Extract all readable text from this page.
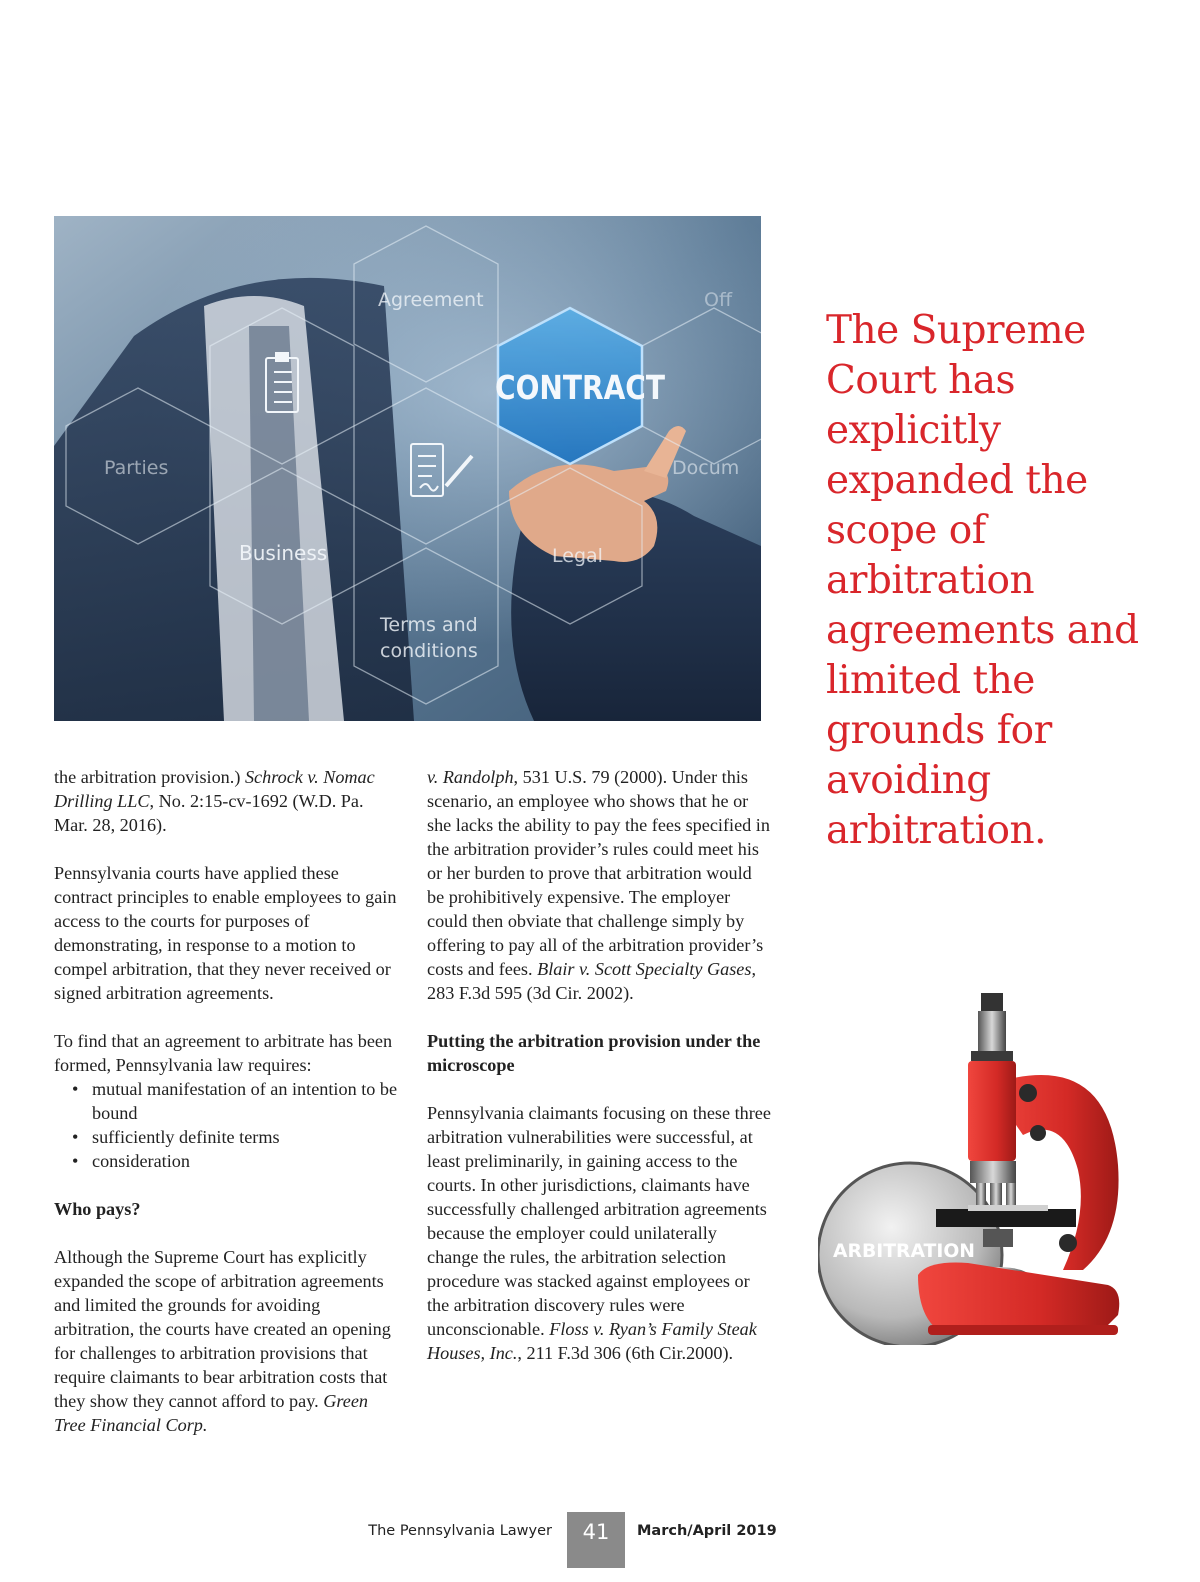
Agreement	Off
CONTRACT
Parties	Docum
Business	Legal
Terms and
conditions
The Supreme Court has explicitly expanded the scope of arbitration agreements and limited the grounds for avoiding arbitration.

the arbitration provision.) Schrock v. Nomac Drilling LLC, No. 2:15-cv-1692 (W.D. Pa. Mar. 28, 2016).

Pennsylvania courts have applied these contract principles to enable employees to gain access to the courts for purposes of demonstrating, in response to a motion to compel arbitration, that they never received or signed arbitration agreements.

To find that an agreement to arbitrate has been formed, Pennsylvania law requires:

• mutual manifestation of an intention to be bound
• sufficiently definite terms
• consideration
Who pays?

Although the Supreme Court has explicitly expanded the scope of arbitration agreements and limited the grounds for avoiding arbitration, the courts have created an opening for challenges to arbitration provisions that require claimants to bear arbitration costs that they show they cannot afford to pay. Green Tree Financial Corp.

v. Randolph, 531 U.S. 79 (2000). Under this scenario, an employee who shows that he or she lacks the ability to pay the fees specified in the arbitration provider’s rules could meet his or her burden to prove that arbitration would be prohibitively expensive. The employer could then obviate that challenge simply by offering to pay all of the arbitration provider’s costs and fees. Blair v. Scott Specialty Gases, 283 F.3d 595 (3d Cir. 2002).

Putting the arbitration provision under the microscope

Pennsylvania claimants focusing on these three arbitration vulnerabilities were successful, at least preliminarily, in gaining access to the courts. In other jurisdictions, claimants have successfully challenged arbitration agreements because the employer could unilaterally change the rules, the arbitration selection procedure was stacked against employees or the arbitration discovery rules were unconscionable. Floss v. Ryan’s Family Steak Houses, Inc., 211 F.3d 306 (6th Cir.2000).

ARBITRATION
The Pennsylvania Lawyer	41	March/April 2019
